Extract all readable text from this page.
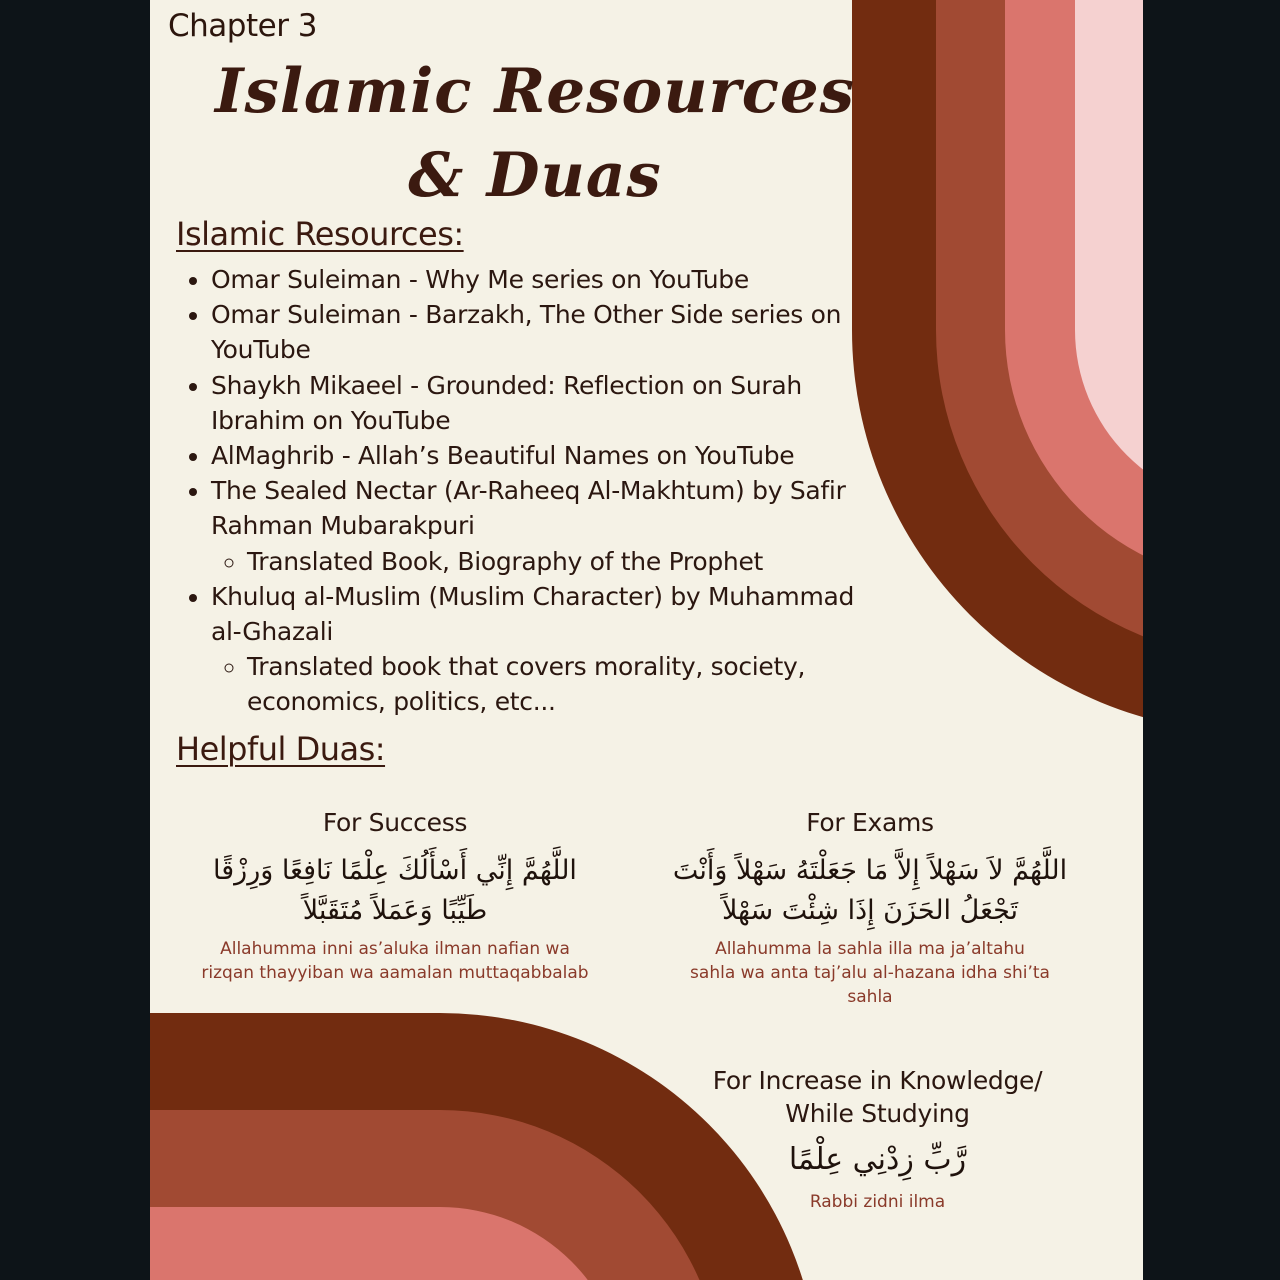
Chapter 3
Islamic Resources
& Duas
Islamic Resources:
• Omar Suleiman - Why Me series on YouTube
• Omar Suleiman - Barzakh, The Other Side series on YouTube
• Shaykh Mikaeel - Grounded: Reflection on Surah Ibrahim on YouTube
• AlMaghrib - Allah’s Beautiful Names on YouTube
• The Sealed Nectar (Ar-Raheeq Al-Makhtum) by Safir Rahman Mubarakpuri
◦ Translated Book, Biography of the Prophet
• Khuluq al-Muslim (Muslim Character) by Muhammad al-Ghazali
◦ Translated book that covers morality, society, economics, politics, etc...
Helpful Duas:
For Success
اللَّهُمَّ إِنِّي أَسْأَلُكَ عِلْمًا نَافِعًا وَرِزْقًا طَيِّبًا وَعَمَلاً مُتَقَبَّلاً
Allahumma inni as’aluka ilman nafian wa rizqan thayyiban wa aamalan muttaqabbalab
For Exams
اللَّهُمَّ لاَ سَهْلاً إِلاَّ مَا جَعَلْتَهُ سَهْلاً وَأَنْتَ تَجْعَلُ الحَزَنَ إِذَا شِئْتَ سَهْلاً
Allahumma la sahla illa ma ja’altahu sahla wa anta taj’alu al-hazana idha shi’ta sahla
For Increase in Knowledge/
While Studying
رَّبِّ زِدْنِي عِلْمًا
Rabbi zidni ilma
